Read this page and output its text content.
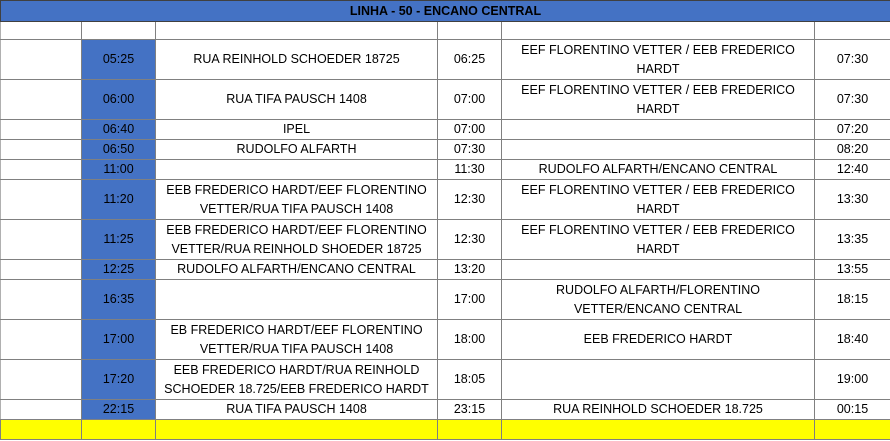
LINHA - 50 - ENCANO CENTRAL					

	05:25	RUA REINHOLD SCHOEDER 18725	06:25	EEF FLORENTINO VETTER / EEB FREDERICO HARDT	07:30
	06:00	RUA TIFA PAUSCH 1408	07:00	EEF FLORENTINO VETTER / EEB FREDERICO HARDT	07:30
	06:40	IPEL	07:00		07:20
	06:50	RUDOLFO ALFARTH	07:30		08:20
	11:00		11:30	RUDOLFO ALFARTH/ENCANO CENTRAL	12:40
	11:20	EEB FREDERICO HARDT/EEF FLORENTINO VETTER/RUA TIFA PAUSCH 1408	12:30	EEF FLORENTINO VETTER / EEB FREDERICO HARDT	13:30
	11:25	EEB FREDERICO HARDT/EEF FLORENTINO VETTER/RUA REINHOLD SHOEDER 18725	12:30	EEF FLORENTINO VETTER / EEB FREDERICO HARDT	13:35
	12:25	RUDOLFO ALFARTH/ENCANO CENTRAL	13:20		13:55
	16:35		17:00	RUDOLFO ALFARTH/FLORENTINO VETTER/ENCANO CENTRAL	18:15
	17:00	EB FREDERICO HARDT/EEF FLORENTINO VETTER/RUA TIFA PAUSCH 1408	18:00	EEB FREDERICO HARDT	18:40
	17:20	EEB FREDERICO HARDT/RUA REINHOLD SCHOEDER 18.725/EEB FREDERICO HARDT	18:05		19:00
	22:15	RUA TIFA PAUSCH 1408	23:15	RUA REINHOLD SCHOEDER 18.725	00:15
